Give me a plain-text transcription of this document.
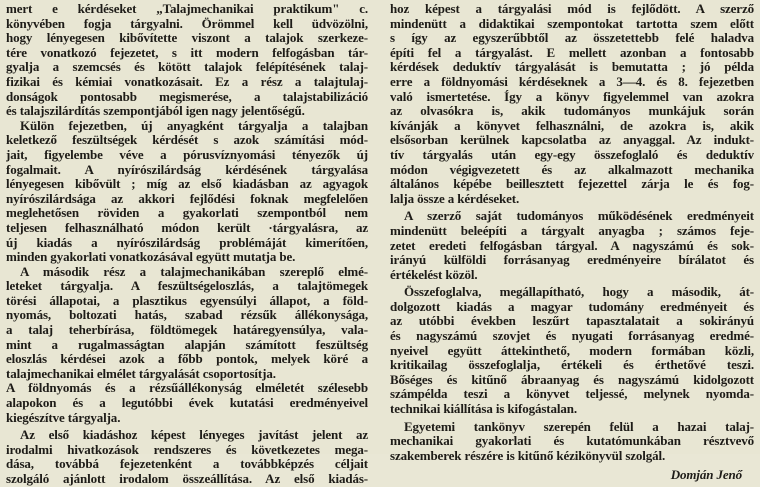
mert e kérdéseket „Talajmechanikai praktikum" c.
könyvében fogja tárgyalni. Örömmel kell üdvözölni,
hogy lényegesen kibővítette viszont a talajok szerkeze-
tére vonatkozó fejezetet, s itt modern felfogásban tár-
gyalja a szemcsés és kötött talajok felépítésének talaj-
fizikai és kémiai vonatkozásait. Ez a rész a talajtulaj-
donságok pontosabb megismerése, a talajstabilizáció
és talajszilárdítás szempontjából igen nagy jelentőségű.
Külön fejezetben, új anyagként tárgyalja a talajban
keletkező feszültségek kérdését s azok számítási mód-
jait, figyelembe véve a pórusvíznyomási tényezők új
fogalmait. A nyírószilárdság kérdésének tárgyalása
lényegesen kibővült ; míg az első kiadásban az agyagok
nyírószilárdsága az akkori fejlődési foknak megfelelően
meglehetősen röviden a gyakorlati szempontból nem
teljesen felhasználható módon került ·tárgyalásra, az
új kiadás a nyírószilárdság problémáját kimerítően,
minden gyakorlati vonatkozásával együtt mutatja be.
A második rész a talajmechanikában szereplő elmé-
leteket tárgyalja. A feszültségeloszlás, a talajtömegek
törési állapotai, a plasztikus egyensúlyi állapot, a föld-
nyomás, boltozati hatás, szabad rézsűk állékonysága,
a talaj teherbírása, földtömegek határegyensúlya, vala-
mint a rugalmasságtan alapján számított feszültség
eloszlás kérdései azok a főbb pontok, melyek köré a
talajmechanikai elmélet tárgyalását csoportosítja.
A földnyomás és a rézsűállékonyság elméletét szélesebb
alapokon és a legutóbbi évek kutatási eredményeivel
kiegészítve tárgyalja.
Az első kiadáshoz képest lényeges javítást jelent az
irodalmi hivatkozások rendszeres és következetes mega-
dása, továbbá fejezetenként a továbbképzés céljait
szolgáló ajánlott irodalom összeállítása. Az első kiadás-
hoz képest a tárgyalási mód is fejlődött. A szerző
mindenütt a didaktikai szempontokat tartotta szem előtt
s így az egyszerűbbtől az összetettebb felé haladva
építi fel a tárgyalást. E mellett azonban a fontosabb
kérdések deduktív tárgyalását is bemutatta ; jó példa
erre a földnyomási kérdéseknek a 3—4. és 8. fejezetben
való ismertetése. Így a könyv figyelemmel van azokra
az olvasókra is, akik tudományos munkájuk során
kívánják a könyvet felhasználni, de azokra is, akik
elsősorban kerülnek kapcsolatba az anyaggal. Az indukt-
tív tárgyalás után egy-egy összefoglaló és deduktív
módon végigvezetett és az alkalmazott mechanika
általános képébe beillesztett fejezettel zárja le és fog-
lalja össze a kérdéseket.
A szerző saját tudományos működésének eredményeit
mindenütt beleépíti a tárgyalt anyagba ; számos feje-
zetet eredeti felfogásban tárgyal. A nagyszámú és sok-
irányú külföldi forrásanyag eredményeire bírálatot és
értékelést közöl.
Összefoglalva, megállapítható, hogy a második, át-
dolgozott kiadás a magyar tudomány eredményeit és
az utóbbi években leszűrt tapasztalatait a sokirányú
és nagyszámú szovjet és nyugati forrásanyag eredmé-
nyeivel együtt áttekinthető, modern formában közli,
kritikailag összefoglalja, értékeli és érthetővé teszi.
Bőséges és kitűnő ábraanyag és nagyszámú kidolgozott
számpélda teszi a könyvet teljessé, melynek nyomda-
technikai kiállítása is kifogástalan.
Egyetemi tankönyv szerepén felül a hazai talaj-
mechanikai gyakorlati és kutatómunkában résztvevő
szakemberek részére is kitűnő kézikönyvül szolgál.
Domján Jenő
